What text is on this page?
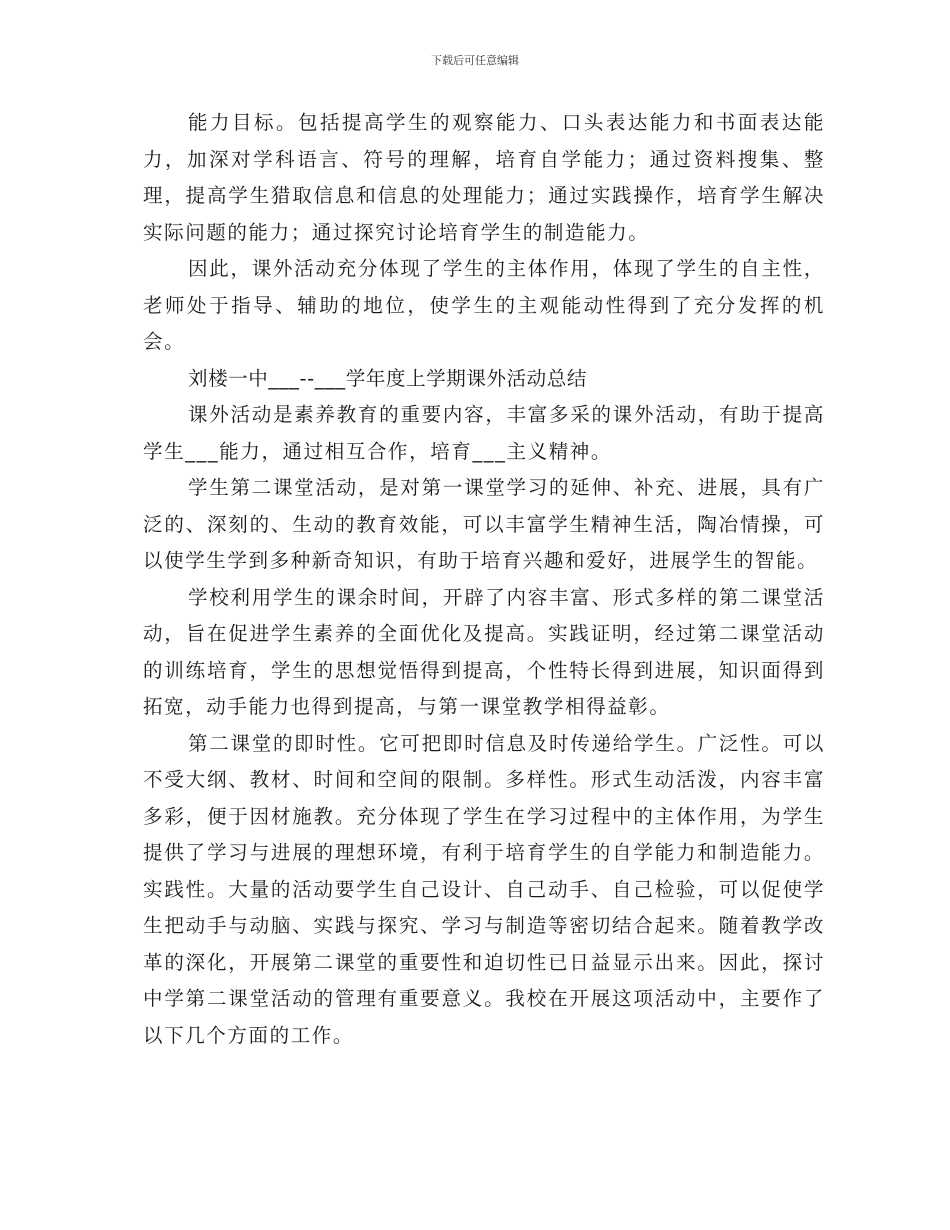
下载后可任意编辑

能力目标。包括提高学生的观察能力、口头表达能力和书面表达能力，加深对学科语言、符号的理解，培育自学能力；通过资料搜集、整理，提高学生猎取信息和信息的处理能力；通过实践操作，培育学生解决实际问题的能力；通过探究讨论培育学生的制造能力。

因此，课外活动充分体现了学生的主体作用，体现了学生的自主性，老师处于指导、辅助的地位，使学生的主观能动性得到了充分发挥的机会。

刘楼一中___--___学年度上学期课外活动总结

课外活动是素养教育的重要内容，丰富多采的课外活动，有助于提高学生___能力，通过相互合作，培育___主义精神。

学生第二课堂活动，是对第一课堂学习的延伸、补充、进展，具有广泛的、深刻的、生动的教育效能，可以丰富学生精神生活，陶冶情操，可以使学生学到多种新奇知识，有助于培育兴趣和爱好，进展学生的智能。

学校利用学生的课余时间，开辟了内容丰富、形式多样的第二课堂活动，旨在促进学生素养的全面优化及提高。实践证明，经过第二课堂活动的训练培育，学生的思想觉悟得到提高，个性特长得到进展，知识面得到拓宽，动手能力也得到提高，与第一课堂教学相得益彰。

第二课堂的即时性。它可把即时信息及时传递给学生。广泛性。可以不受大纲、教材、时间和空间的限制。多样性。形式生动活泼，内容丰富多彩，便于因材施教。充分体现了学生在学习过程中的主体作用，为学生提供了学习与进展的理想环境，有利于培育学生的自学能力和制造能力。实践性。大量的活动要学生自己设计、自己动手、自己检验，可以促使学生把动手与动脑、实践与探究、学习与制造等密切结合起来。随着教学改革的深化，开展第二课堂的重要性和迫切性已日益显示出来。因此，探讨中学第二课堂活动的管理有重要意义。我校在开展这项活动中，主要作了以下几个方面的工作。
